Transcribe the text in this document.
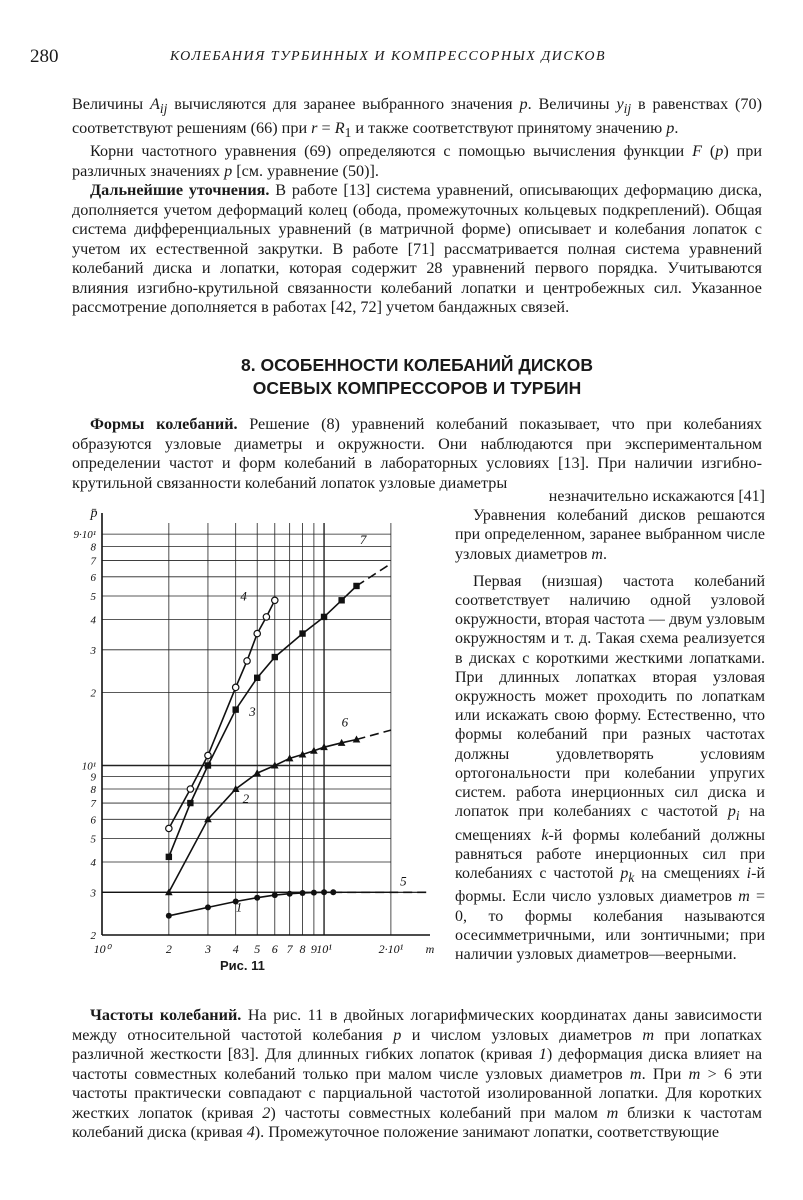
280	КОЛЕБАНИЯ ТУРБИННЫХ И КОМПРЕССОРНЫХ ДИСКОВ

Величины $A_{ij}$ вычисляются для заранее выбранного значения p. Величины $y_{ij}$ в равенствах (70) соответствуют решениям (66) при $r = R_1$ и также соответствуют принятому значению p.

Корни частотного уравнения (69) определяются с помощью вычисления функции F (p) при различных значениях p [см. уравнение (50)].

Дальнейшие уточнения. В работе [13] система уравнений, описывающих деформацию диска, дополняется учетом деформаций колец (обода, промежуточных кольцевых подкреплений). Общая система дифференциальных уравнений (в матричной форме) описывает и колебания лопаток с учетом их естественной закрутки. В работе [71] рассматривается полная система уравнений колебаний диска и лопатки, которая содержит 28 уравнений первого порядка. Учитываются влияния изгибно-крутильной связанности колебаний лопатки и центробежных сил. Указанное рассмотрение дополняется в работах [42, 72] учетом бандажных связей.

8. ОСОБЕННОСТИ КОЛЕБАНИЙ ДИСКОВ
ОСЕВЫХ КОМПРЕССОРОВ И ТУРБИН

Формы колебаний. Решение (8) уравнений колебаний показывает, что при колебаниях образуются узловые диаметры и окружности. Они наблюдаются при экспериментальном определении частот и форм колебаний в лабораторных условиях [13]. При наличии изгибно-крутильной связанности колебаний лопаток узловые диаметры

незначительно искажаются [41]

Уравнения колебаний дисков решаются при определенном, заранее выбранном числе узловых диаметров m.

Первая (низшая) частота колебаний соответствует наличию одной узловой окружности, вторая частота — двум узловым окружностям и т. д. Такая схема реализуется в дисках с короткими жесткими лопатками. При длинных лопатках вторая узловая окружность может проходить по лопаткам или искажать свою форму. Естественно, что формы колебаний при разных частотах должны удовлетворять условиям ортогональности при колебании упругих систем. работа инерционных сил диска и лопаток при колебаниях с частотой $p_i$ на смещениях k-й формы колебаний должны равняться работе инерционных сил при колебаниях с частотой $p_k$ на смещениях i-й формы. Если число узловых диаметров m = 0, то формы колебания называются осесимметричными, или зонтичными; при наличии узловых диаметров—веерными.

10⁰	2	3 4 5 6 7 8 9 10¹	2·10¹ m
2
3
4
5
6
7
8
9
10¹
2
3
4
5
6
7
8
9·10¹
p̄
1
2
3
4
5
6
7
Рис. 11

Частоты колебаний. На рис. 11 в двойных логарифмических координатах даны зависимости между относительной частотой колебания p и числом узловых диаметров m при лопатках различной жесткости [83]. Для длинных гибких лопаток (кривая 1) деформация диска влияет на частоты совместных колебаний только при малом числе узловых диаметров m. При m > 6 эти частоты практически совпадают с парциальной частотой изолированной лопатки. Для коротких жестких лопаток (кривая 2) частоты совместных колебаний при малом m близки к частотам колебаний диска (кривая 4). Промежуточное положение занимают лопатки, соответствующие
